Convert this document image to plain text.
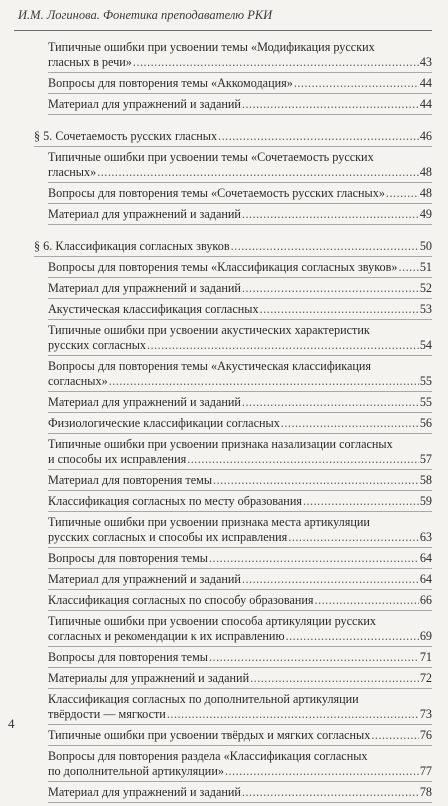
И.М. Логинова. Фонетика преподавателю РКИ
Типичные ошибки при усвоении темы «Модификация русских
гласных в речи» .....	43
Вопросы для повторения темы «Аккомодация» .....	44
Материал для упражнений и заданий .....	44
§ 5. Сочетаемость русских гласных .....	46
Типичные ошибки при усвоении темы «Сочетаемость русских
гласных» .....	48
Вопросы для повторения темы «Сочетаемость русских гласных» .....	48
Материал для упражнений и заданий .....	49
§ 6. Классификация согласных звуков .....	50
Вопросы для повторения темы «Классификация согласных звуков» ..... 51
Материал для упражнений и заданий .....	52
Акустическая классификация согласных .....	53
Типичные ошибки при усвоении акустических характеристик
русских согласных .....	54
Вопросы для повторения темы «Акустическая классификация
согласных» .....	55
Материал для упражнений и заданий .....	55
Физиологические классификации согласных .....	56
Типичные ошибки при усвоении признака назализации согласных
и способы их исправления .....	57
Материал для повторения темы .....	58
Классификация согласных по месту образования .....	59
Типичные ошибки при усвоении признака места артикуляции
русских согласных и способы их исправления .....	63
Вопросы для повторения темы .....	64
Материал для упражнений и заданий .....	64
Классификация согласных по способу образования .....	66
Типичные ошибки при усвоении способа артикуляции русских
согласных и рекомендации к их исправлению .....	69
Вопросы для повторения темы .....	71
Материалы для упражнений и заданий .....	72
Классификация согласных по дополнительной артикуляции
твёрдости — мягкости .....	73
Типичные ошибки при усвоении твёрдых и мягких согласных .....	76
Вопросы для повторения раздела «Классификация согласных
по дополнительной артикуляции» .....	77
Материал для упражнений и заданий .....	78
4
